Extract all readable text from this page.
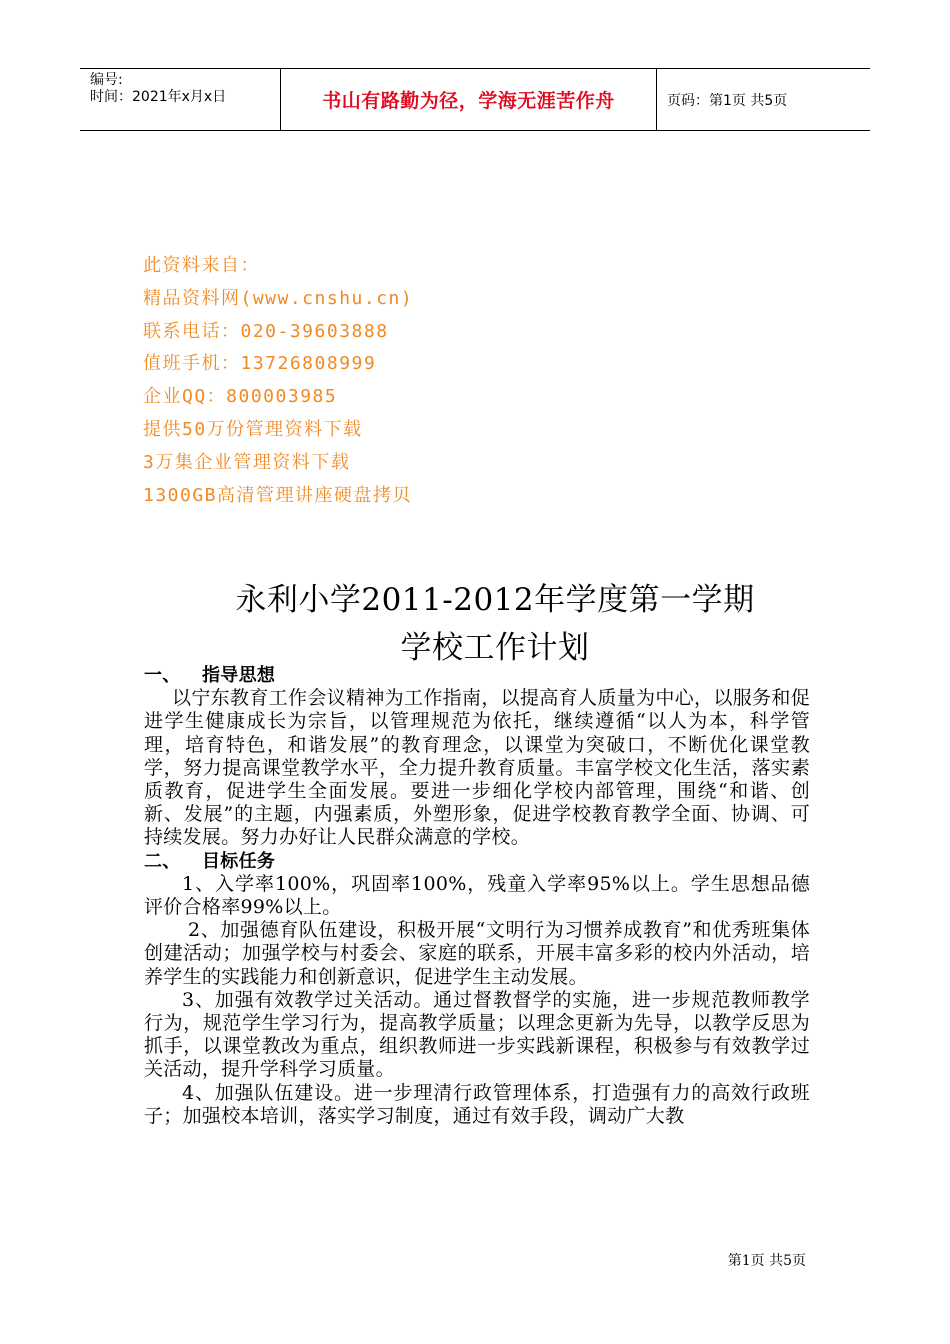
编号:
时间：2021年x月x日	书山有路勤为径，学海无涯苦作舟	页码：第1页 共5页
此资料来自：
精品资料网(www.cnshu.cn)
联系电话：020-39603888
值班手机：13726808999
企业QQ：800003985
提供50万份管理资料下载
3万集企业管理资料下载
1300GB高清管理讲座硬盘拷贝
永利小学2011-2012年学度第一学期
学校工作计划
一、 指导思想

以宁东教育工作会议精神为工作指南，以提高育人质量为中心，以服务和促进学生健康成长为宗旨，以管理规范为依托，继续遵循“以人为本，科学管理，培育特色，和谐发展”的教育理念，以课堂为突破口，不断优化课堂教学，努力提高课堂教学水平，全力提升教育质量。丰富学校文化生活，落实素质教育，促进学生全面发展。要进一步细化学校内部管理，围绕“和谐、创新、发展”的主题，内强素质，外塑形象，促进学校教育教学全面、协调、可持续发展。努力办好让人民群众满意的学校。

二、 目标任务

1、入学率100%，巩固率100%，残童入学率95%以上。学生思想品德评价合格率99%以上。

2、加强德育队伍建设，积极开展“文明行为习惯养成教育”和优秀班集体创建活动；加强学校与村委会、家庭的联系，开展丰富多彩的校内外活动，培养学生的实践能力和创新意识，促进学生主动发展。

3、加强有效教学过关活动。通过督教督学的实施，进一步规范教师教学行为，规范学生学习行为，提高教学质量；以理念更新为先导，以教学反思为抓手，以课堂教改为重点，组织教师进一步实践新课程，积极参与有效教学过关活动，提升学科学习质量。

4、加强队伍建设。进一步理清行政管理体系，打造强有力的高效行政班子；加强校本培训，落实学习制度，通过有效手段，调动广大教

第1页 共5页
